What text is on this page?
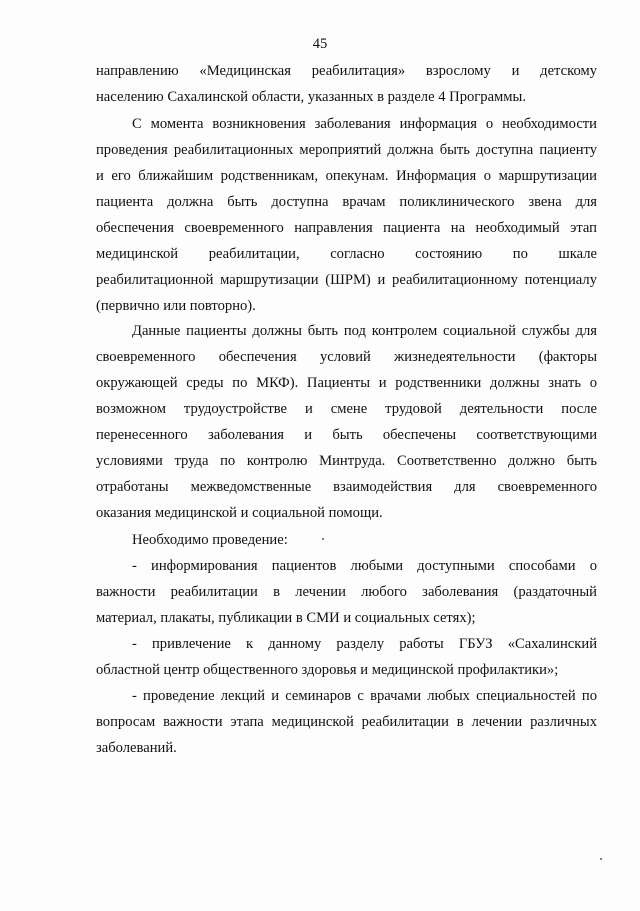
45
направлению «Медицинская реабилитация» взрослому и детскому
населению Сахалинской области, указанных в разделе 4 Программы.
С момента возникновения заболевания информация о необходимости
проведения реабилитационных мероприятий должна быть доступна пациенту
и его ближайшим родственникам, опекунам. Информация о маршрутизации
пациента должна быть доступна врачам поликлинического звена для
обеспечения своевременного направления пациента на необходимый этап
медицинской реабилитации, согласно состоянию по шкале
реабилитационной маршрутизации (ШРМ) и реабилитационному потенциалу
(первично или повторно).
Данные пациенты должны быть под контролем социальной службы для
своевременного обеспечения условий жизнедеятельности (факторы
окружающей среды по МКФ). Пациенты и родственники должны знать о
возможном трудоустройстве и смене трудовой деятельности после
перенесенного заболевания и быть обеспечены соответствующими
условиями труда по контролю Минтруда. Соответственно должно быть
отработаны межведомственные взаимодействия для своевременного
оказания медицинской и социальной помощи.
Необходимо проведение:
- информирования пациентов любыми доступными способами о
важности реабилитации в лечении любого заболевания (раздаточный
материал, плакаты, публикации в СМИ и социальных сетях);
- привлечение к данному разделу работы ГБУЗ «Сахалинский
областной центр общественного здоровья и медицинской профилактики»;
- проведение лекций и семинаров с врачами любых специальностей по
вопросам важности этапа медицинской реабилитации в лечении различных
заболеваний.
